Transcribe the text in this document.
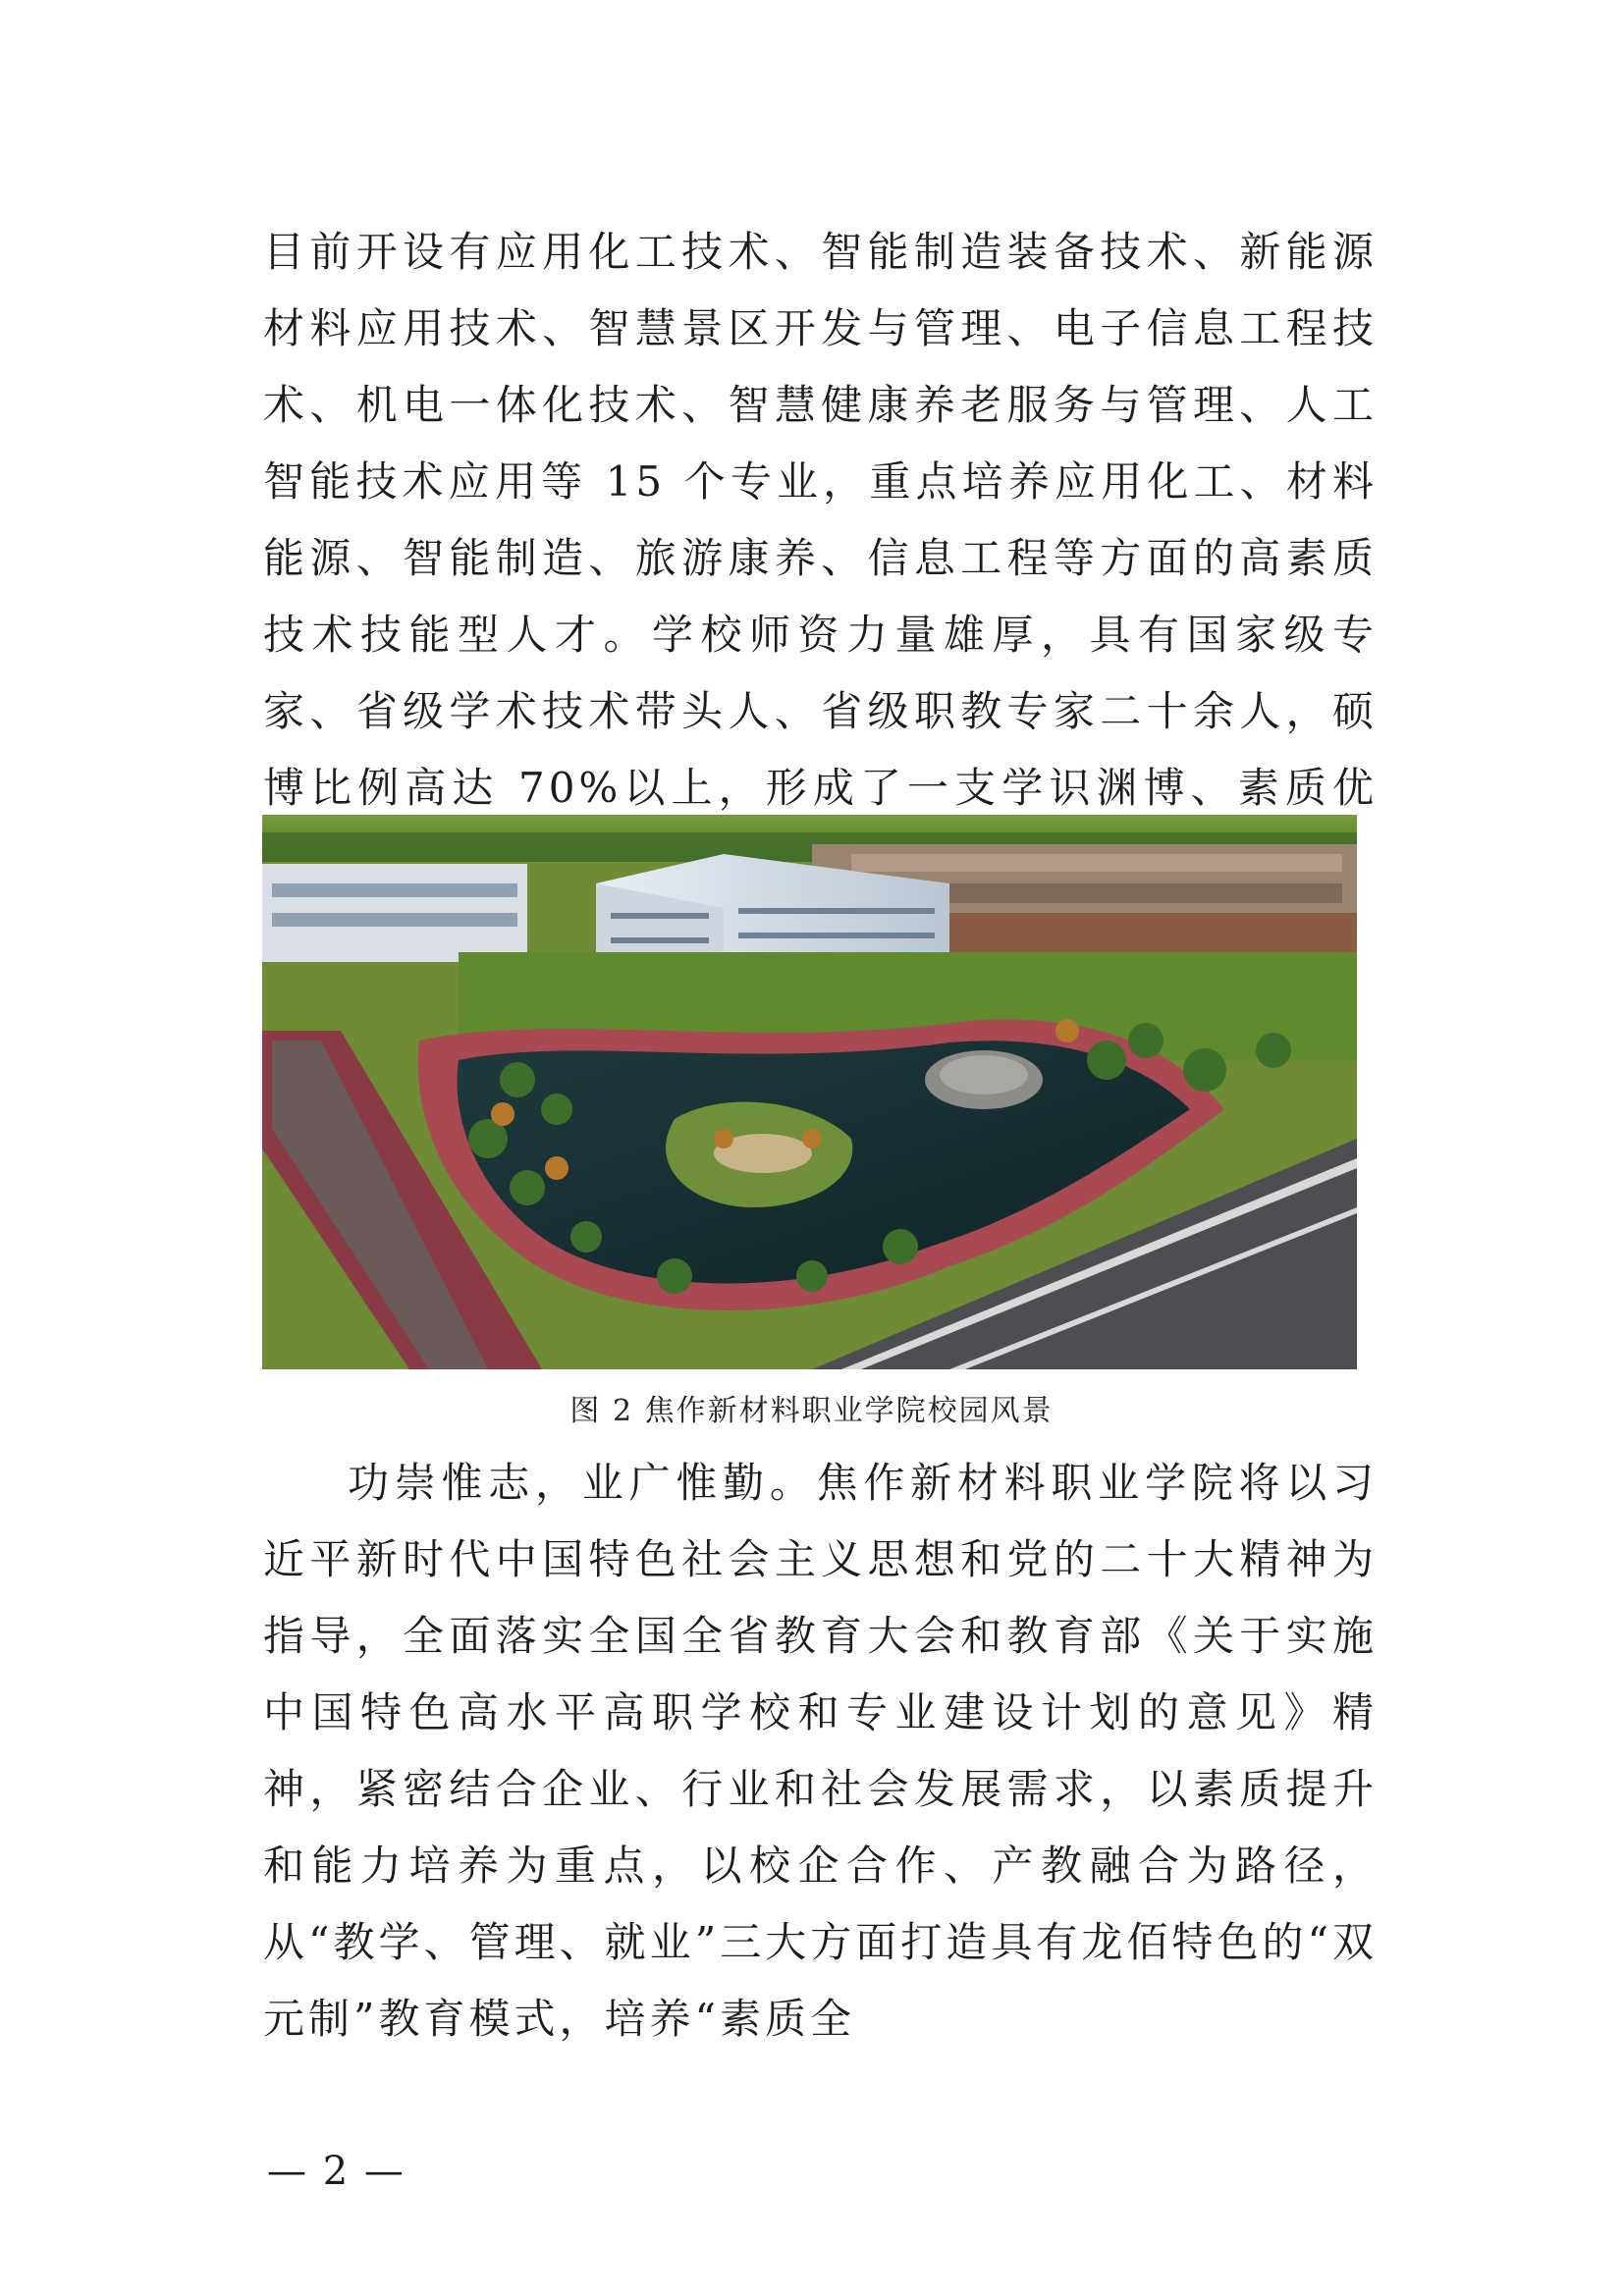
目前开设有应用化工技术、智能制造装备技术、新能源材料应用技术、智慧景区开发与管理、电子信息工程技术、机电一体化技术、智慧健康养老服务与管理、人工智能技术应用等 15 个专业，重点培养应用化工、材料能源、智能制造、旅游康养、信息工程等方面的高素质技术技能型人才。学校师资力量雄厚，具有国家级专家、省级学术技术带头人、省级职教专家二十余人，硕博比例高达 70%以上，形成了一支学识渊博、素质优

图 2 焦作新材料职业学院校园风景

功崇惟志，业广惟勤。焦作新材料职业学院将以习近平新时代中国特色社会主义思想和党的二十大精神为指导，全面落实全国全省教育大会和教育部《关于实施中国特色高水平高职学校和专业建设计划的意见》精神，紧密结合企业、行业和社会发展需求，以素质提升和能力培养为重点，以校企合作、产教融合为路径，从“教学、管理、就业”三大方面打造具有龙佰特色的“双元制”教育模式，培养“素质全

— 2 —
